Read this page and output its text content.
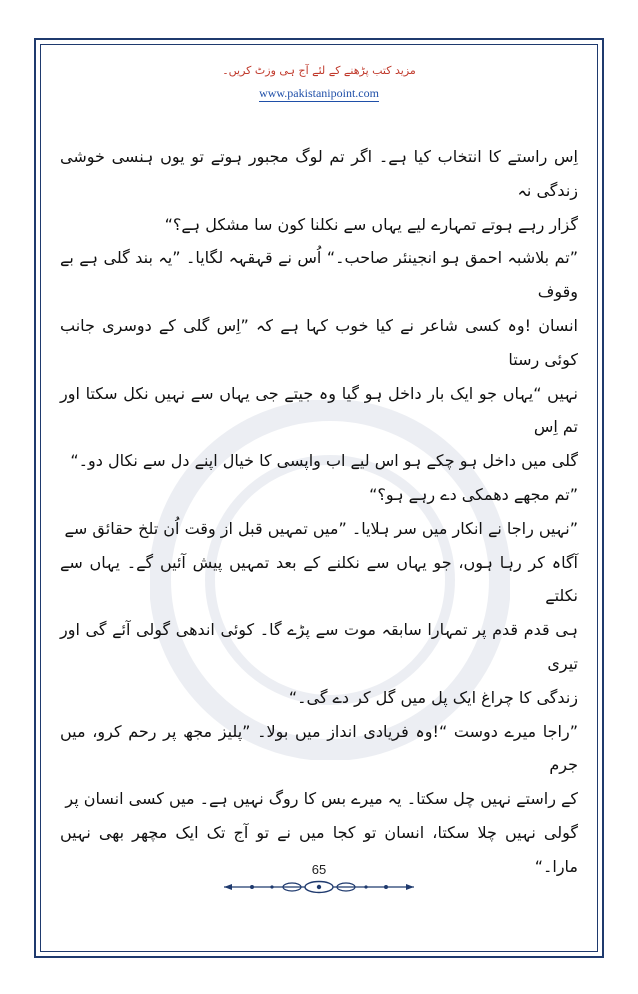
مزید کتب پڑھنے کے لئے آج ہی وزٹ کریں۔
www.pakistanipoint.com

اِس راستے کا انتخاب کیا ہے۔ اگر تم لوگ مجبور ہوتے تو یوں ہنسی خوشی زندگی نہ

گزار رہے ہوتے تمہارے لیے یہاں سے نکلنا کون سا مشکل ہے؟“

”تم بلاشبہ احمق ہو انجینئر صاحب۔“ اُس نے قہقہہ لگایا۔ ”یہ بند گلی ہے بے وقوف

انسان !وہ کسی شاعر نے کیا خوب کہا ہے کہ ”اِس گلی کے دوسری جانب کوئی رستا

نہیں “یہاں جو ایک بار داخل ہو گیا وہ جیتے جی یہاں سے نہیں نکل سکتا اور تم اِس

گلی میں داخل ہو چکے ہو اس لیے اب واپسی کا خیال اپنے دل سے نکال دو۔“

”تم مجھے دھمکی دے رہے ہو؟“

”نہیں راجا نے انکار میں سر ہلایا۔ ”میں تمہیں قبل از وقت اُن تلخ حقائق سے

آگاہ کر رہا ہوں، جو یہاں سے نکلنے کے بعد تمہیں پیش آئیں گے۔ یہاں سے نکلتے

ہی قدم قدم پر تمہارا سابقہ موت سے پڑے گا۔ کوئی اندھی گولی آئے گی اور تیری

زندگی کا چراغ ایک پل میں گل کر دے گی۔“

”راجا میرے دوست “!وہ فریادی انداز میں بولا۔ ”پلیز مجھ پر رحم کرو، میں جرم

کے راستے نہیں چل سکتا۔ یہ میرے بس کا روگ نہیں ہے۔ میں کسی انسان پر

گولی نہیں چلا سکتا، انسان تو کجا میں نے تو آج تک ایک مچھر بھی نہیں مارا۔“

65
